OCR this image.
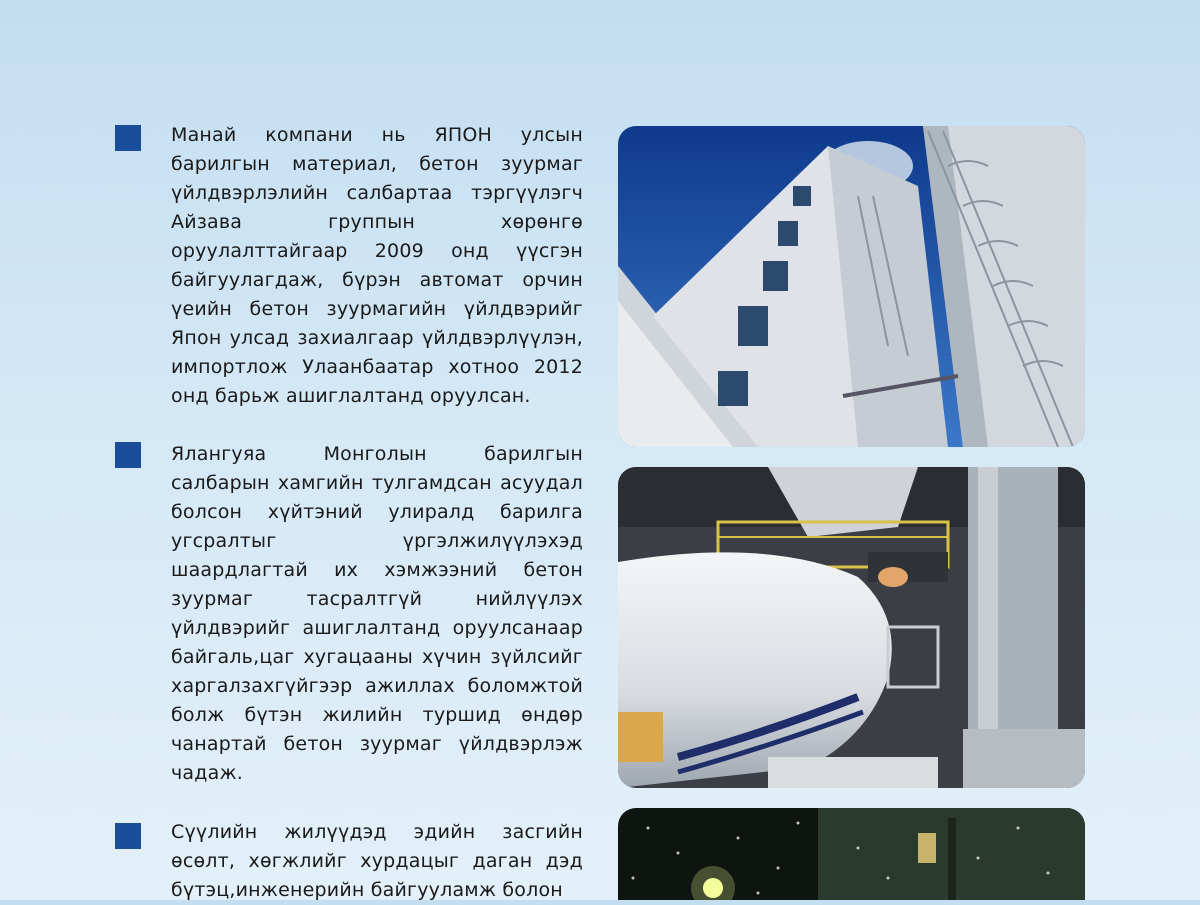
Манай компани нь ЯПОН улсын барилгын материал, бетон зуурмаг үйлдвэрлэлийн салбартаа тэргүүлэгч Айзава группын хөрөнгө оруулалттайгаар 2009 онд үүсгэн байгуулагдаж, бүрэн автомат орчин үеийн бетон зуурмагийн үйлдвэрийг Япон улсад захиалгаар үйлдвэрлүүлэн, импортлож Улаанбаатар хотноо 2012 онд барьж ашиглалтанд оруулсан.

Ялангуяа Монголын барилгын салбарын хамгийн тулгамдсан асуудал болсон хүйтэний улиралд барилга угсралтыг үргэлжилүүлэхэд шаардлагтай их хэмжээний бетон зуурмаг тасралтгүй нийлүүлэх үйлдвэрийг ашиглалтанд оруулсанаар байгаль,цаг хугацааны хүчин зүйлсийг харгалзахгүйгээр ажиллах боломжтой болж бүтэн жилийн туршид өндөр чанартай бетон зуурмаг үйлдвэрлэж чадаж.

Сүүлийн жилүүдэд эдийн засгийн өсөлт, хөгжлийг хурдацыг даган дэд бүтэц,инженерийн байгууламж болон
